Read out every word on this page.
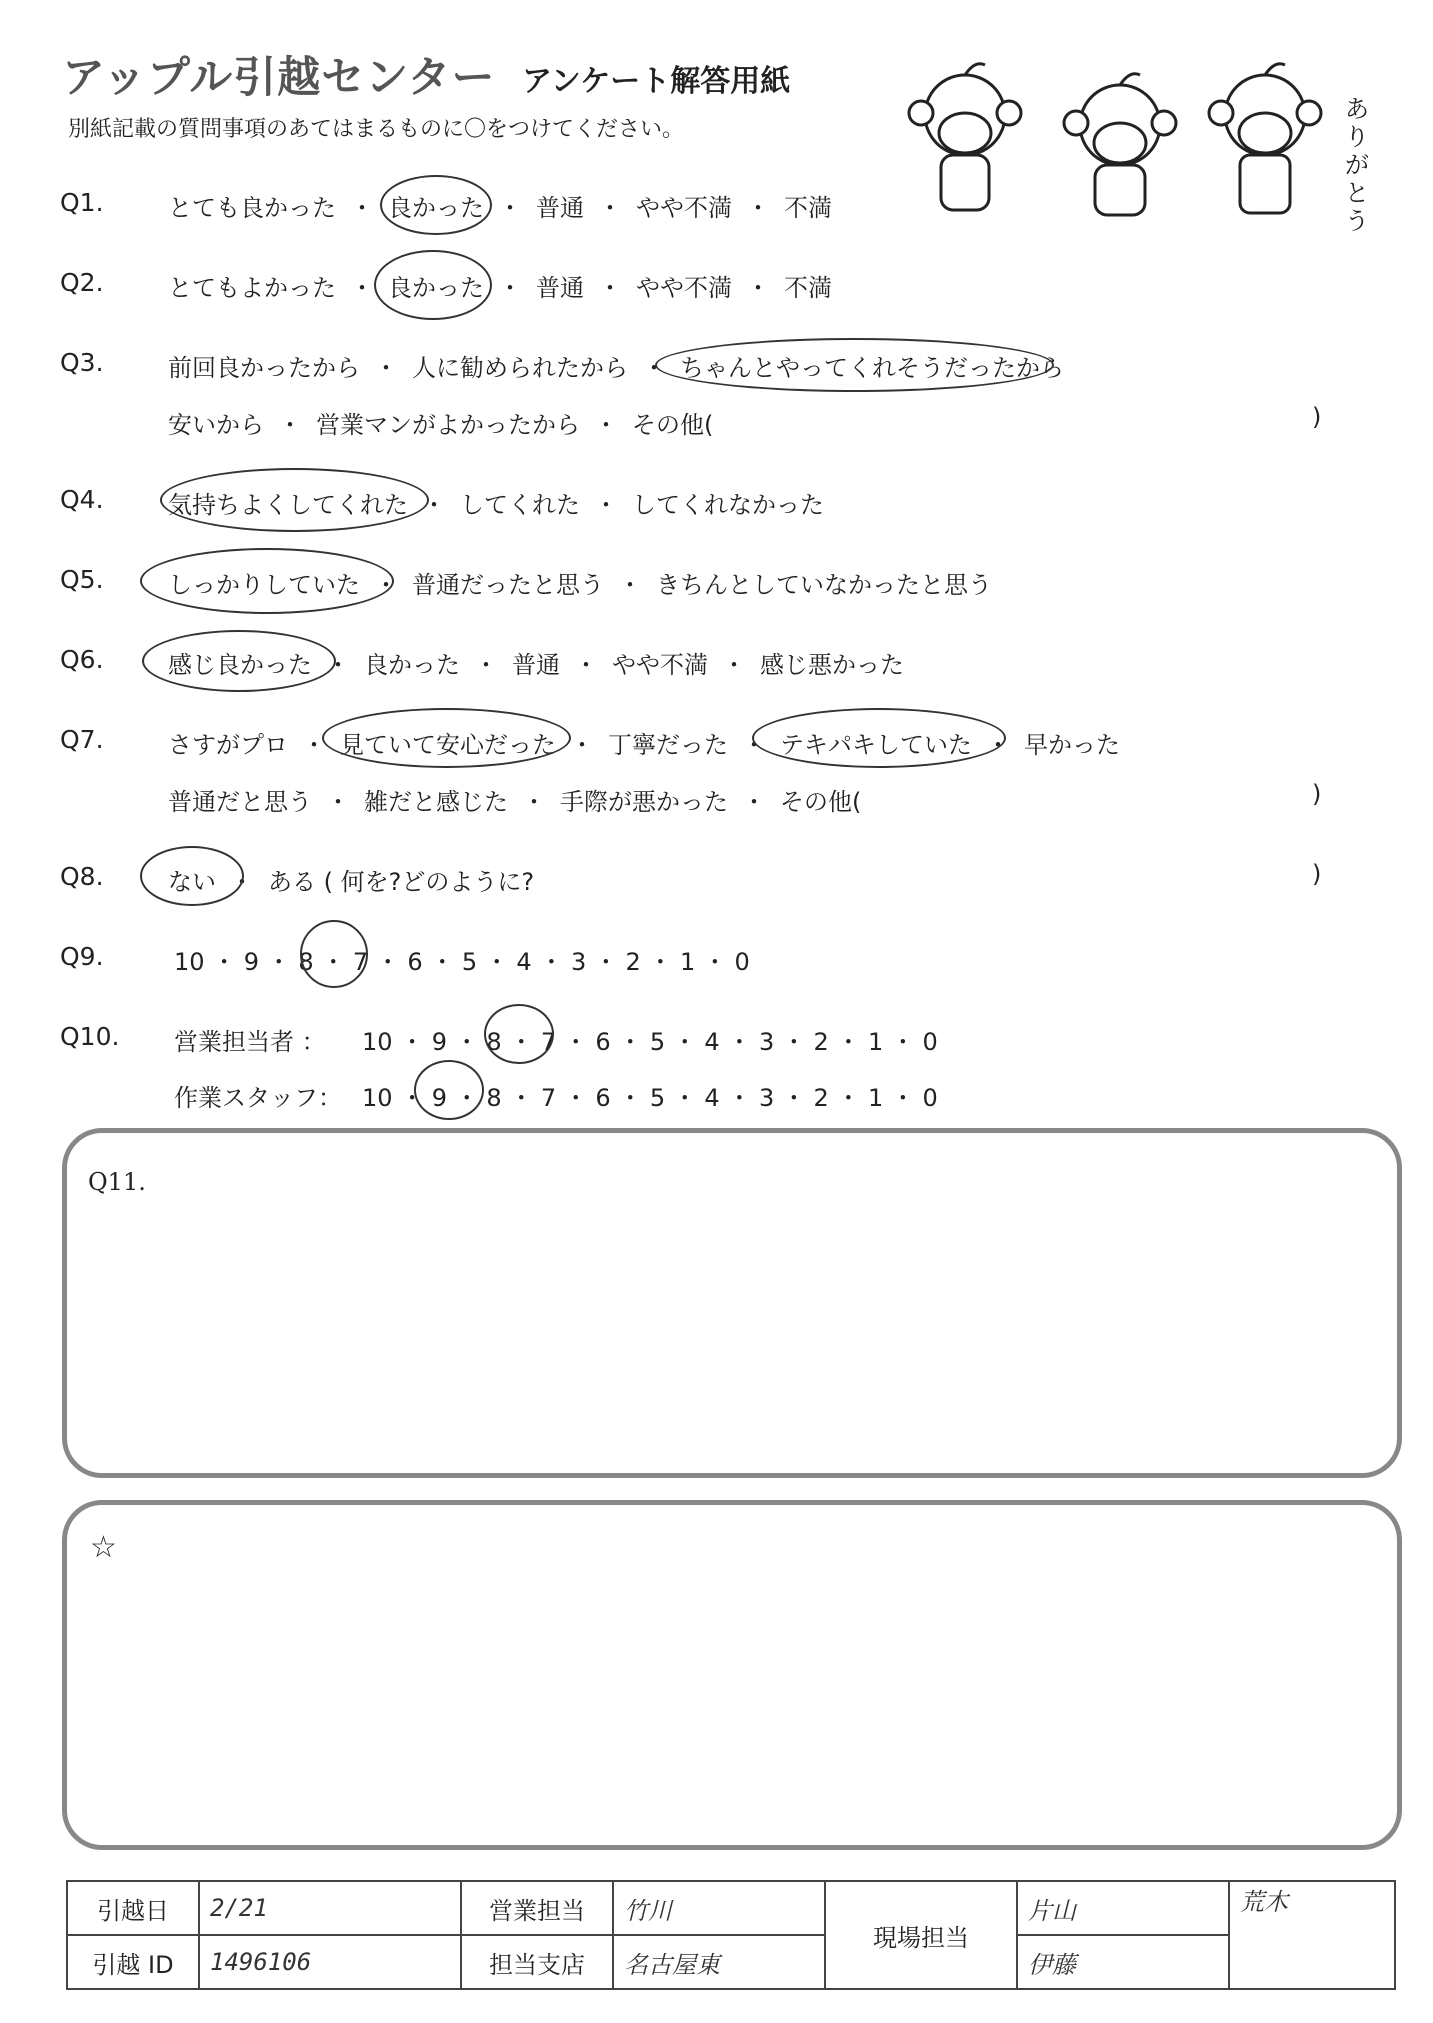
アップル引越センター アンケート解答用紙
別紙記載の質問事項のあてはまるものに〇をつけてください。
ありがとう
Q1.	とても良かった ・ 良かった ・ 普通 ・ やや不満 ・ 不満
Q2.	とてもよかった ・ 良かった ・ 普通 ・ やや不満 ・ 不満
Q3.	前回良かったから ・ 人に勧められたから ・ ちゃんとやってくれそうだったから
安いから ・ 営業マンがよかったから ・ その他(	)
Q4.	気持ちよくしてくれた ・ してくれた ・ してくれなかった
Q5.	しっかりしていた ・ 普通だったと思う ・ きちんとしていなかったと思う
Q6.	感じ良かった ・ 良かった ・ 普通 ・ やや不満 ・ 感じ悪かった
Q7.	さすがプロ ・ 見ていて安心だった ・ 丁寧だった ・ テキパキしていた ・ 早かった
普通だと思う ・ 雑だと感じた ・ 手際が悪かった ・ その他(	)
Q8.	ない ・ ある ( 何を?どのように?	)
Q9.	10 ・ 9 ・ 8 ・ 7 ・ 6 ・ 5 ・ 4 ・ 3 ・ 2 ・ 1 ・ 0
Q10. 営業担当者 ： 10 ・ 9 ・ 8 ・ 7 ・ 6 ・ 5 ・ 4 ・ 3 ・ 2 ・ 1 ・ 0
作業スタッフ： 10 ・ 9 ・ 8 ・ 7 ・ 6 ・ 5 ・ 4 ・ 3 ・ 2 ・ 1 ・ 0
Q11.
☆
引越日	2/21	営業担当	竹川	現場担当	片山	荒木
引越 ID	1496106	担当支店	名古屋東		伊藤	
